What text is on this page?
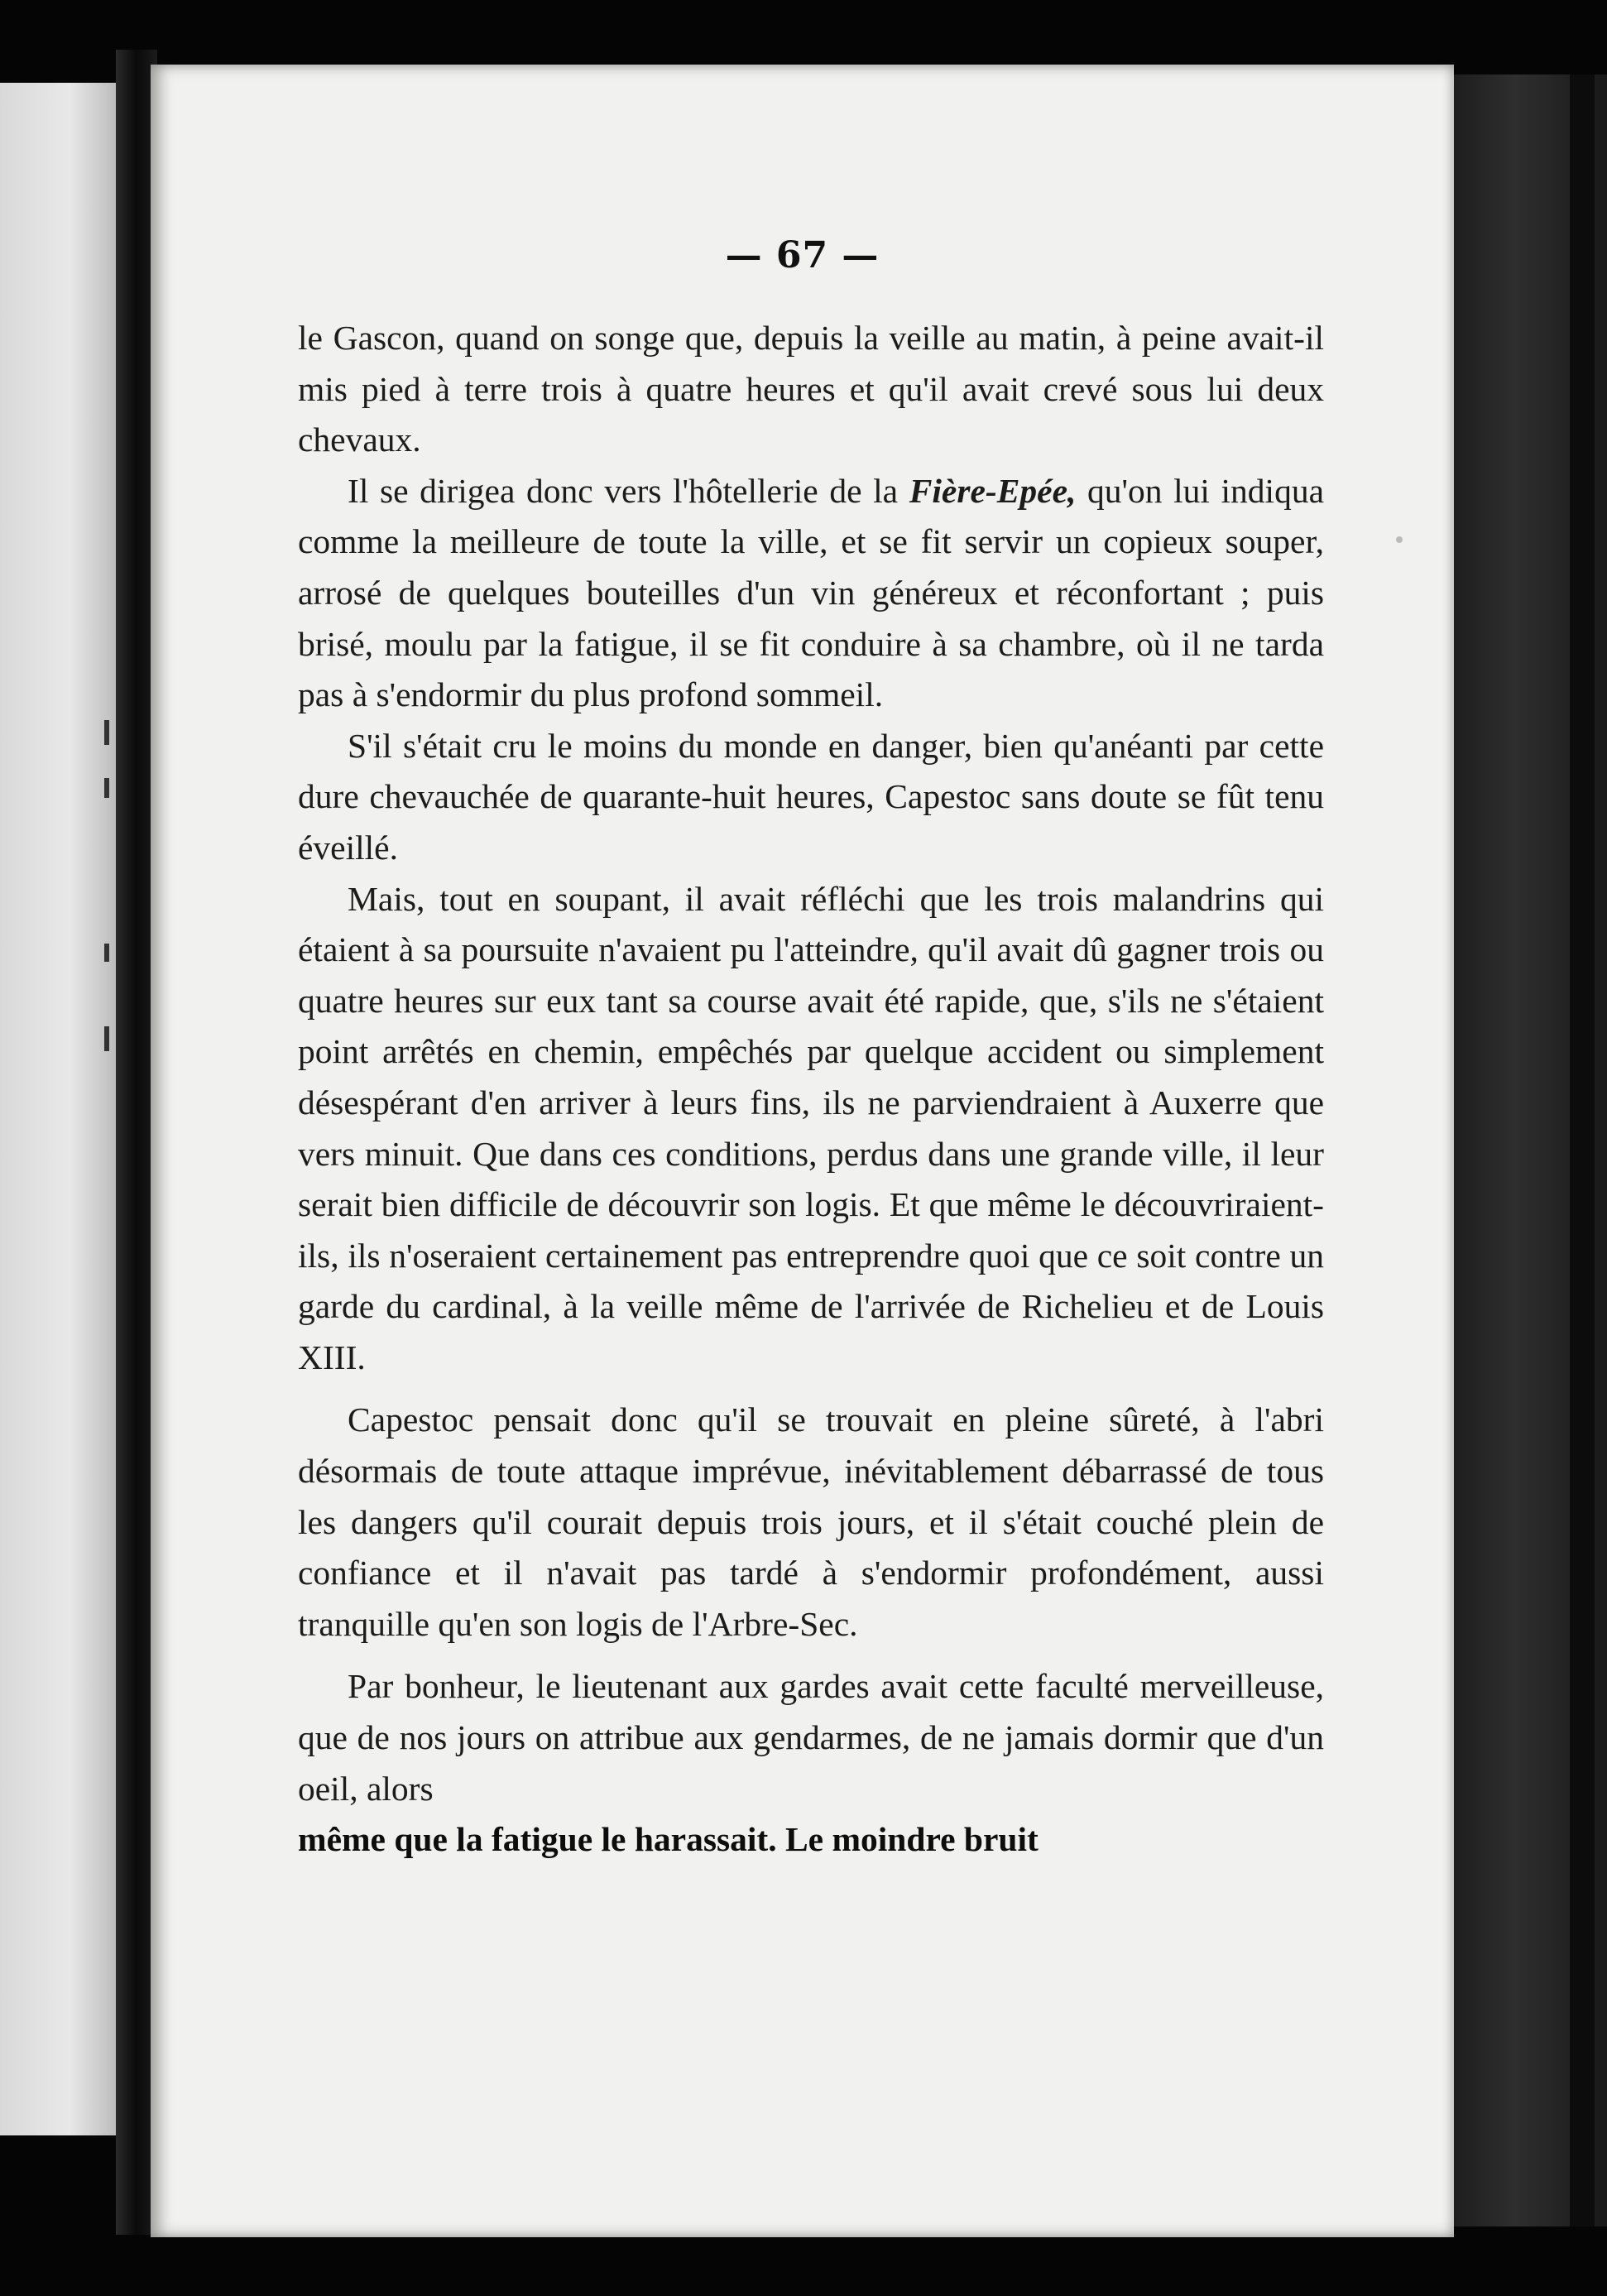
— 67 —

le Gascon, quand on songe que, depuis la veille au matin, à peine avait-il mis pied à terre trois à quatre heures et qu'il avait crevé sous lui deux chevaux.

Il se dirigea donc vers l'hôtellerie de la Fière-Epée, qu'on lui indiqua comme la meilleure de toute la ville, et se fit servir un copieux souper, arrosé de quelques bouteilles d'un vin généreux et réconfortant ; puis brisé, moulu par la fatigue, il se fit conduire à sa chambre, où il ne tarda pas à s'endormir du plus profond sommeil.

S'il s'était cru le moins du monde en danger, bien qu'anéanti par cette dure chevauchée de quarante-huit heures, Capestoc sans doute se fût tenu éveillé.

Mais, tout en soupant, il avait réfléchi que les trois malandrins qui étaient à sa poursuite n'avaient pu l'atteindre, qu'il avait dû gagner trois ou quatre heures sur eux tant sa course avait été rapide, que, s'ils ne s'étaient point arrêtés en chemin, empêchés par quelque accident ou simplement désespérant d'en arriver à leurs fins, ils ne parviendraient à Auxerre que vers minuit. Que dans ces conditions, perdus dans une grande ville, il leur serait bien difficile de découvrir son logis. Et que même le découvriraient-ils, ils n'oseraient certainement pas entreprendre quoi que ce soit contre un garde du cardinal, à la veille même de l'arrivée de Richelieu et de Louis XIII.

Capestoc pensait donc qu'il se trouvait en pleine sûreté, à l'abri désormais de toute attaque imprévue, inévitablement débarrassé de tous les dangers qu'il courait depuis trois jours, et il s'était couché plein de confiance et il n'avait pas tardé à s'endormir profondément, aussi tranquille qu'en son logis de l'Arbre-Sec.

Par bonheur, le lieutenant aux gardes avait cette faculté merveilleuse, que de nos jours on attribue aux gendarmes, de ne jamais dormir que d'un oeil, alors

même que la fatigue le harassait. Le moindre bruit
